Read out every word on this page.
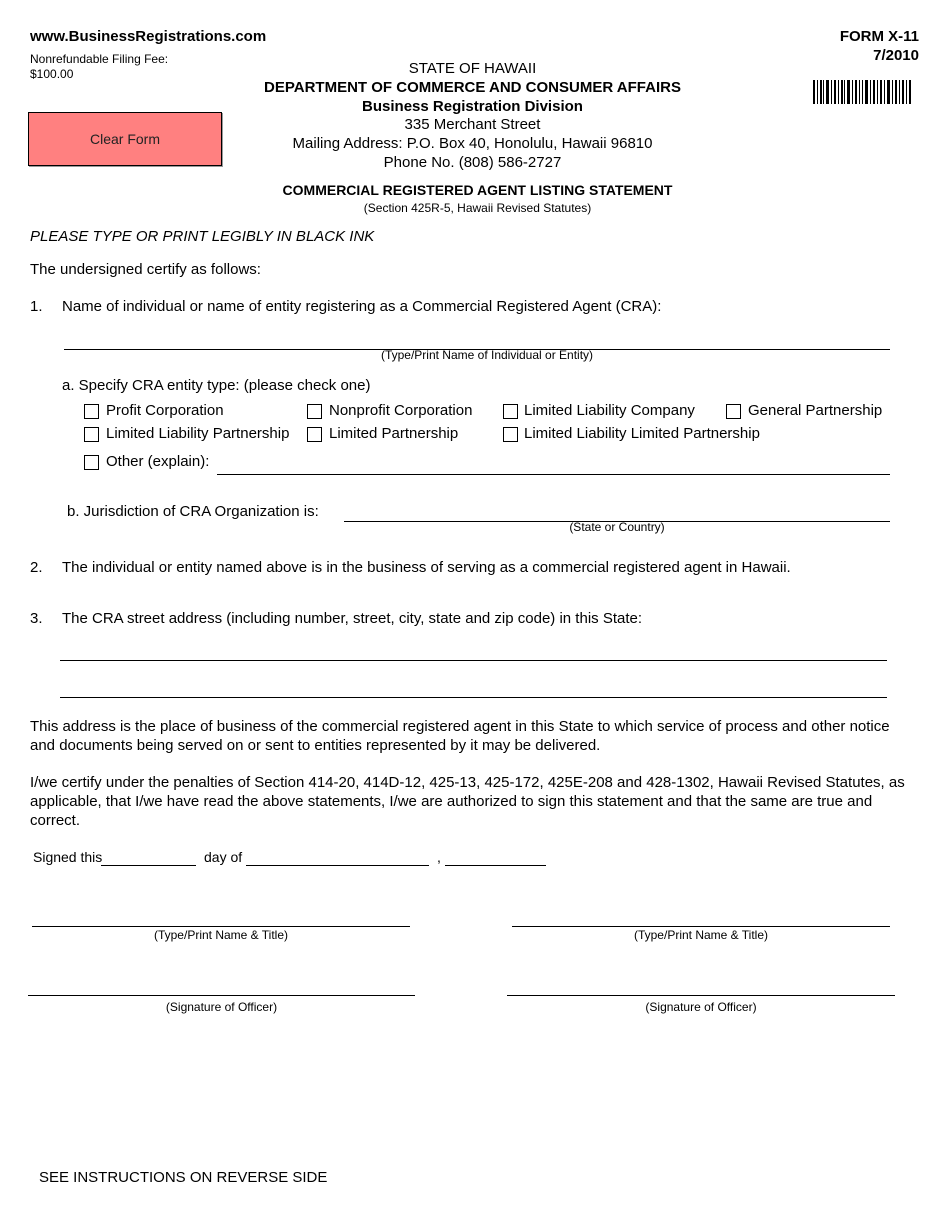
www.BusinessRegistrations.com
Nonrefundable Filing Fee:
$100.00
Clear Form
FORM X-11
7/2010
STATE OF HAWAII
DEPARTMENT OF COMMERCE AND CONSUMER AFFAIRS
Business Registration Division
335 Merchant Street
Mailing Address: P.O. Box 40, Honolulu, Hawaii 96810
Phone No. (808) 586-2727
COMMERCIAL REGISTERED AGENT LISTING STATEMENT
(Section 425R-5, Hawaii Revised Statutes)
PLEASE TYPE OR PRINT LEGIBLY IN BLACK INK
The undersigned certify as follows:
1. Name of individual or name of entity registering as a Commercial Registered Agent (CRA):
(Type/Print Name of Individual or Entity)
a. Specify CRA entity type: (please check one)
Profit Corporation	Nonprofit Corporation	Limited Liability Company	General Partnership
Limited Liability Partnership	Limited Partnership	Limited Liability Limited Partnership
Other (explain):
b. Jurisdiction of CRA Organization is:
(State or Country)
2. The individual or entity named above is in the business of serving as a commercial registered agent in Hawaii.
3. The CRA street address (including number, street, city, state and zip code) in this State:
This address is the place of business of the commercial registered agent in this State to which service of process and other notice and documents being served on or sent to entities represented by it may be delivered.
I/we certify under the penalties of Section 414-20, 414D-12, 425-13, 425-172, 425E-208 and 428-1302, Hawaii Revised Statutes, as applicable, that I/we have read the above statements, I/we are authorized to sign this statement and that the same are true and correct.
Signed this	day of	,
(Type/Print Name & Title)	(Type/Print Name & Title)
(Signature of Officer)	(Signature of Officer)
SEE INSTRUCTIONS ON REVERSE SIDE
